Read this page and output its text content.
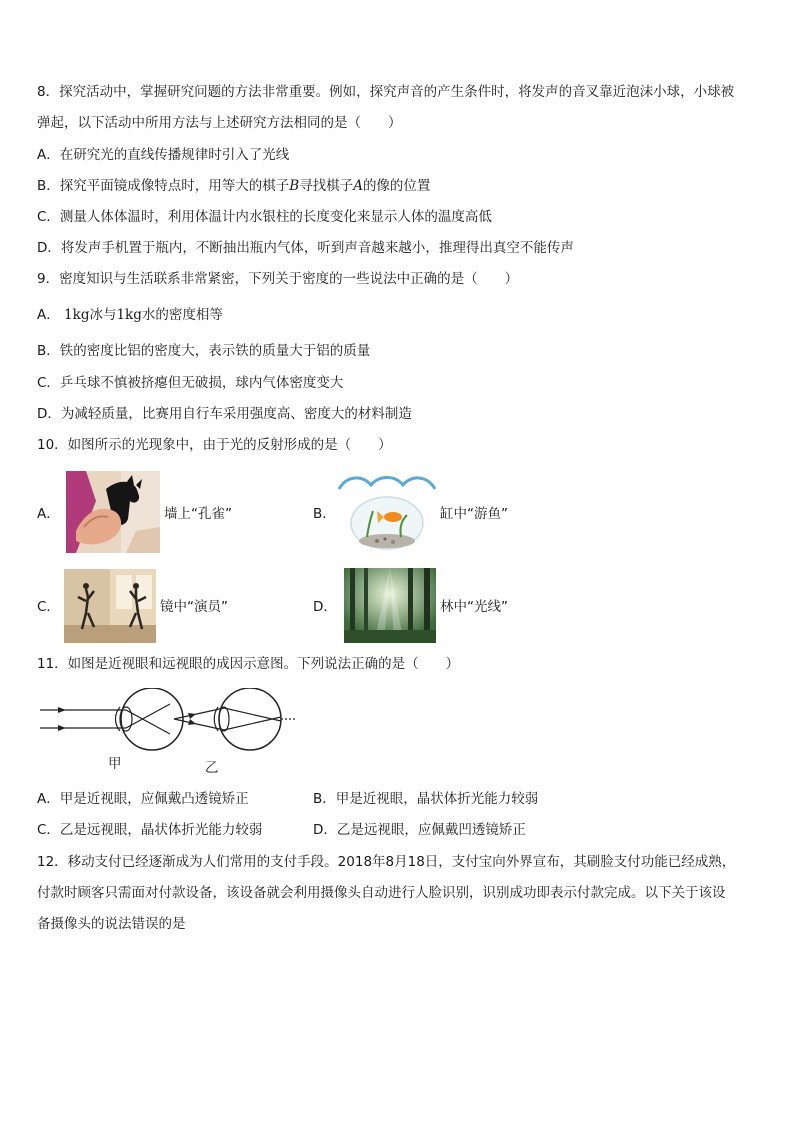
8．探究活动中，掌握研究问题的方法非常重要。例如，探究声音的产生条件时，将发声的音叉靠近泡沫小球，小球被
弹起，以下活动中所用方法与上述研究方法相同的是（　　）
A．在研究光的直线传播规律时引入了光线
B．探究平面镜成像特点时，用等大的棋子B寻找棋子A的像的位置
C．测量人体体温时，利用体温计内水银柱的长度变化来显示人体的温度高低
D．将发声手机置于瓶内，不断抽出瓶内气体，听到声音越来越小，推理得出真空不能传声
9．密度知识与生活联系非常紧密，下列关于密度的一些说法中正确的是（　　）
A． 1kg冰与1kg水的密度相等
B．铁的密度比铝的密度大，表示铁的质量大于铝的质量
C．乒乓球不慎被挤瘪但无破损，球内气体密度变大
D．为减轻质量，比赛用自行车采用强度高、密度大的材料制造
10．如图所示的光现象中，由于光的反射形成的是（　　）
A．	墙上“孔雀”	B．	缸中“游鱼”
C．	镜中“演员”	D．	林中“光线”
11．如图是近视眼和远视眼的成因示意图。下列说法正确的是（　　）
甲	乙
A．甲是近视眼，应佩戴凸透镜矫正	B．甲是近视眼，晶状体折光能力较弱
C．乙是远视眼，晶状体折光能力较弱	D．乙是远视眼，应佩戴凹透镜矫正
12．移动支付已经逐渐成为人们常用的支付手段。2018年8月18日，支付宝向外界宣布，其刷脸支付功能已经成熟，
付款时顾客只需面对付款设备，该设备就会利用摄像头自动进行人脸识别，识别成功即表示付款完成。以下关于该设
备摄像头的说法错误的是
